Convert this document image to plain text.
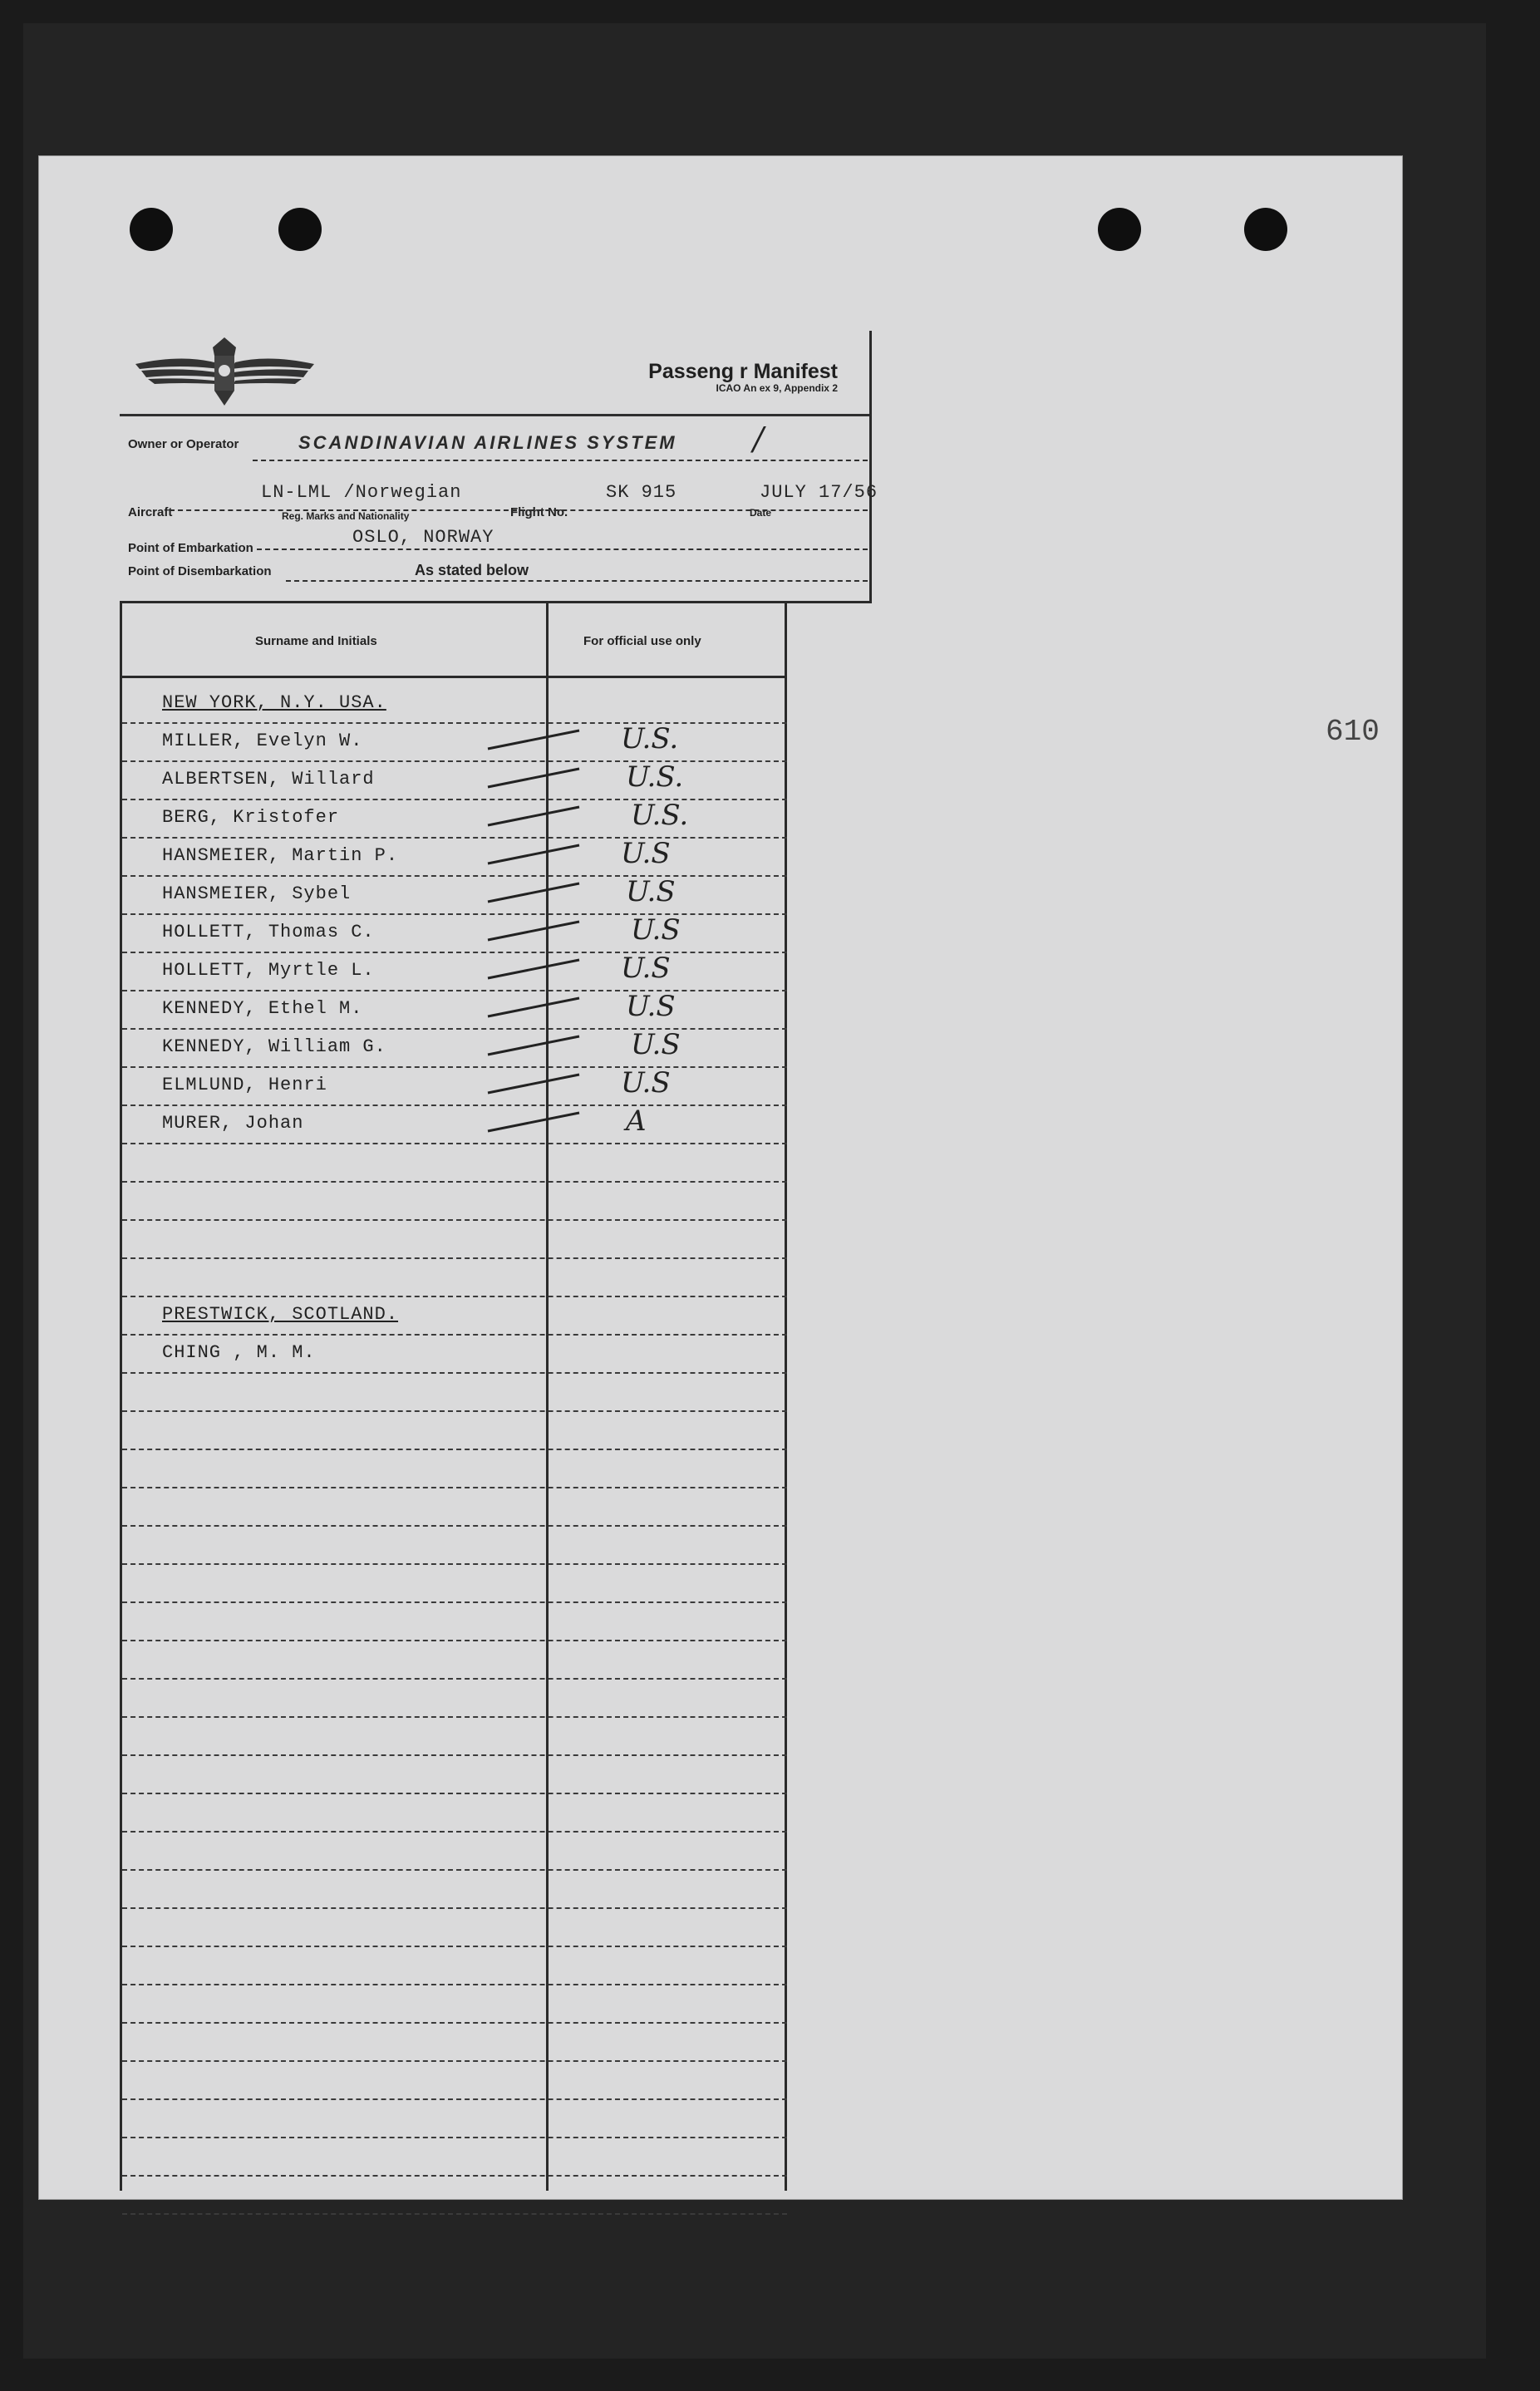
Passeng r Manifest
ICAO An ex 9, Appendix 2
Owner or Operator	SCANDINAVIAN AIRLINES SYSTEM /
Aircraft
LN-LML /Norwegian
Reg. Marks and Nationality	Flight No.
SK 915
Date
JULY 17/56
Point of Embarkation
OSLO, NORWAY
Point of Disembarkation	As stated below
Surname and Initials	For official use only
NEW YORK, N.Y. USA.
MILLER, Evelyn W.	U.S.
ALBERTSEN, Willard	U.S.
BERG, Kristofer	U.S.
HANSMEIER, Martin P.	U.S
HANSMEIER, Sybel	U.S
HOLLETT, Thomas C.	U.S
HOLLETT, Myrtle L.	U.S
KENNEDY, Ethel M.	U.S
KENNEDY, William G.	U.S
ELMLUND, Henri	U.S
MURER, Johan	A
PRESTWICK, SCOTLAND.
CHING , M. M.
610
